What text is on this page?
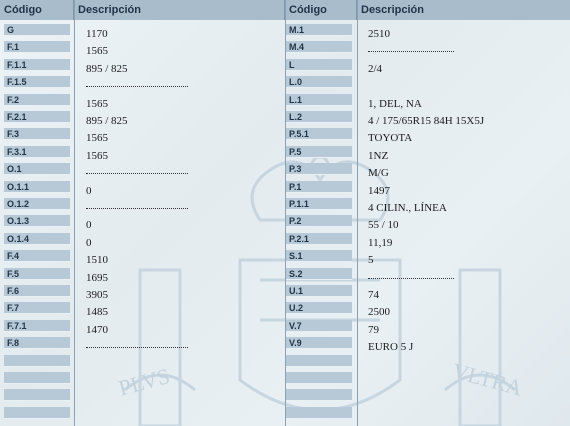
PLVS	VLTRA
Código	Descripción	Código	Descripción
G	1170
F.1	1565
F.1.1	895 / 825
F.1.5
F.2	1565
F.2.1	895 / 825
F.3	1565
F.3.1	1565
O.1
O.1.1	0
O.1.2
O.1.3	0
O.1.4	0
F.4	1510
F.5	1695
F.6	3905
F.7	1485
F.7.1	1470
F.8
M.1	2510
M.4
L	2/4
L.0
L.1	1, DEL, NA
L.2	4 / 175/65R15 84H 15X5J
P.5.1	TOYOTA
P.5	1NZ
P.3	M/G
P.1	1497
P.1.1	4 CILIN., LÍNEA
P.2	55 / 10
P.2.1	11,19
S.1	5
S.2
U.1	74
U.2	2500
V.7	79
V.9	EURO 5 J
